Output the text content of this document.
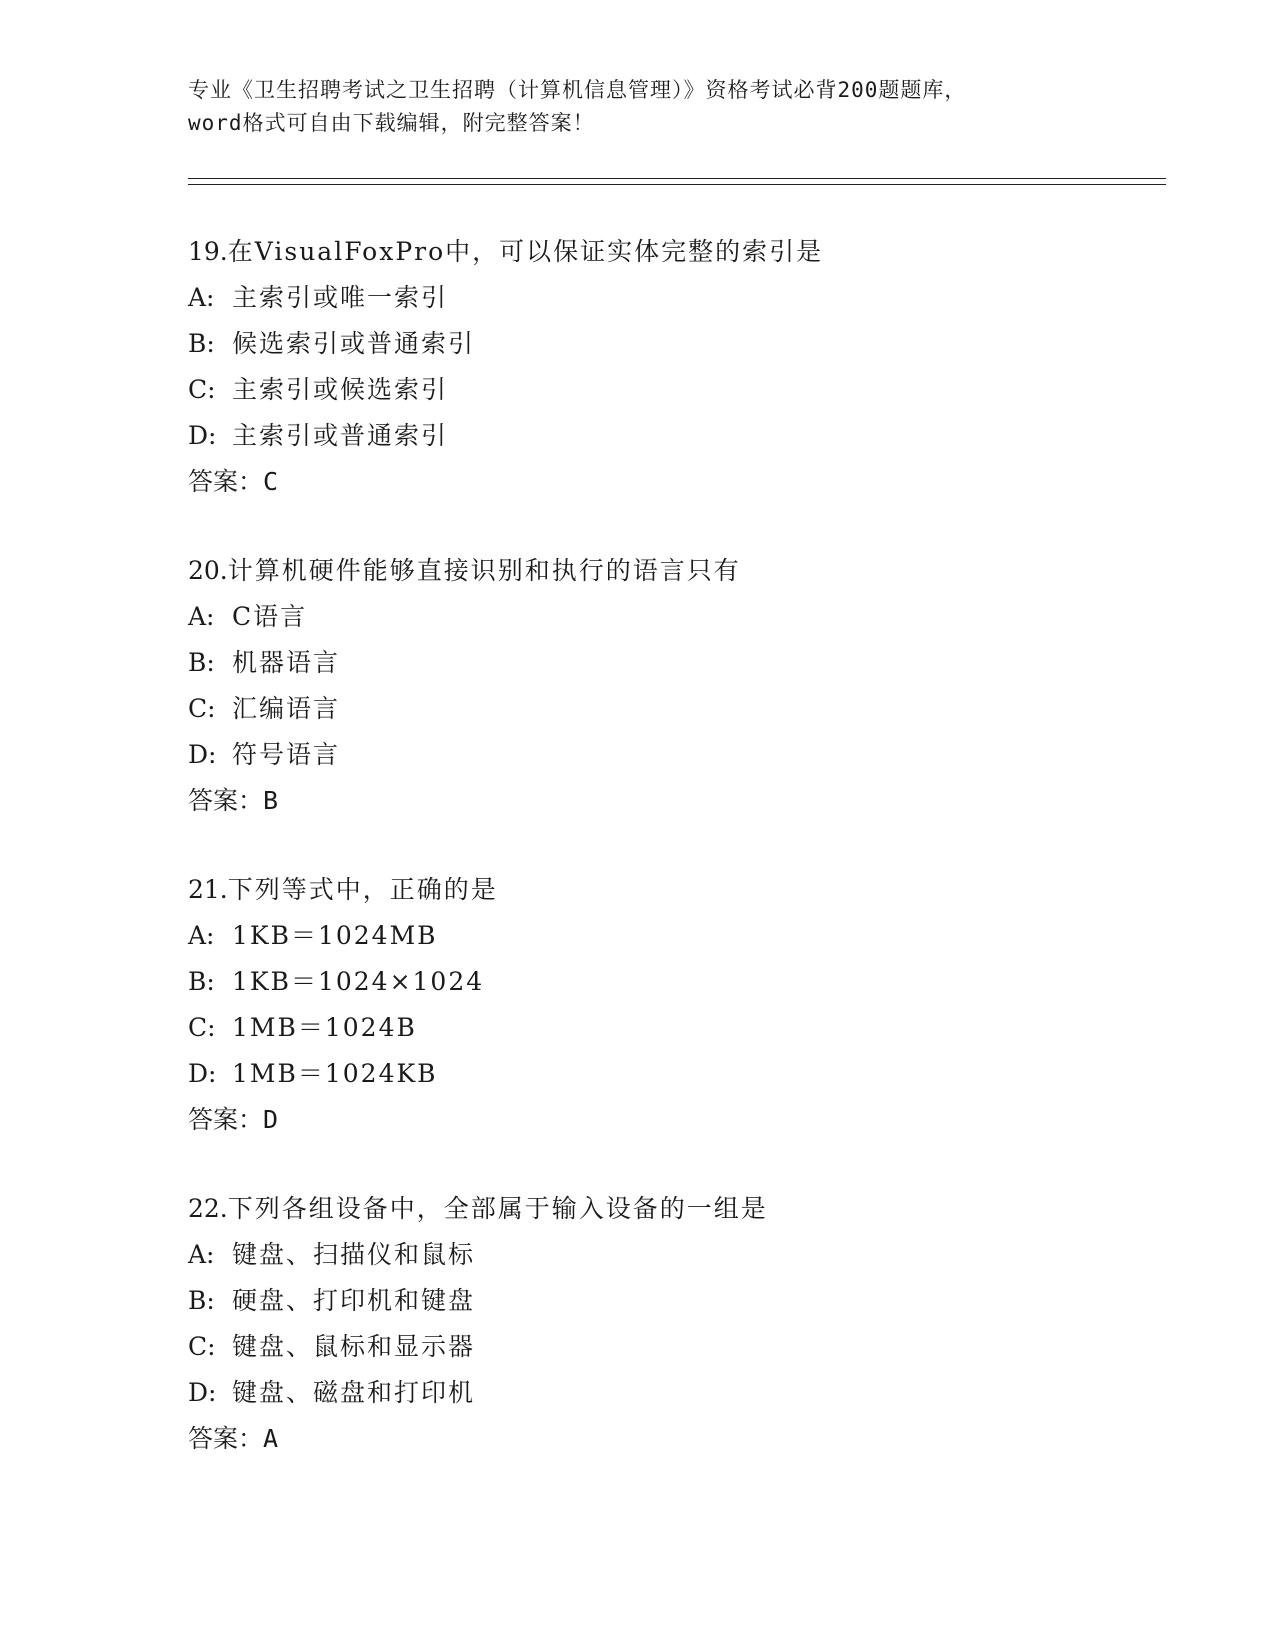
专业《卫生招聘考试之卫生招聘（计算机信息管理）》资格考试必背200题题库，
word格式可自由下载编辑，附完整答案！
19.在VisualFoxPro中，可以保证实体完整的索引是
A: 主索引或唯一索引
B: 候选索引或普通索引
C: 主索引或候选索引
D: 主索引或普通索引
答案：C
20.计算机硬件能够直接识别和执行的语言只有
A: C语言
B: 机器语言
C: 汇编语言
D: 符号语言
答案：B
21.下列等式中，正确的是
A: 1KB＝1024MB
B: 1KB＝1024×1024
C: 1MB＝1024B
D: 1MB＝1024KB
答案：D
22.下列各组设备中，全部属于输入设备的一组是
A: 键盘、扫描仪和鼠标
B: 硬盘、打印机和键盘
C: 键盘、鼠标和显示器
D: 键盘、磁盘和打印机
答案：A
